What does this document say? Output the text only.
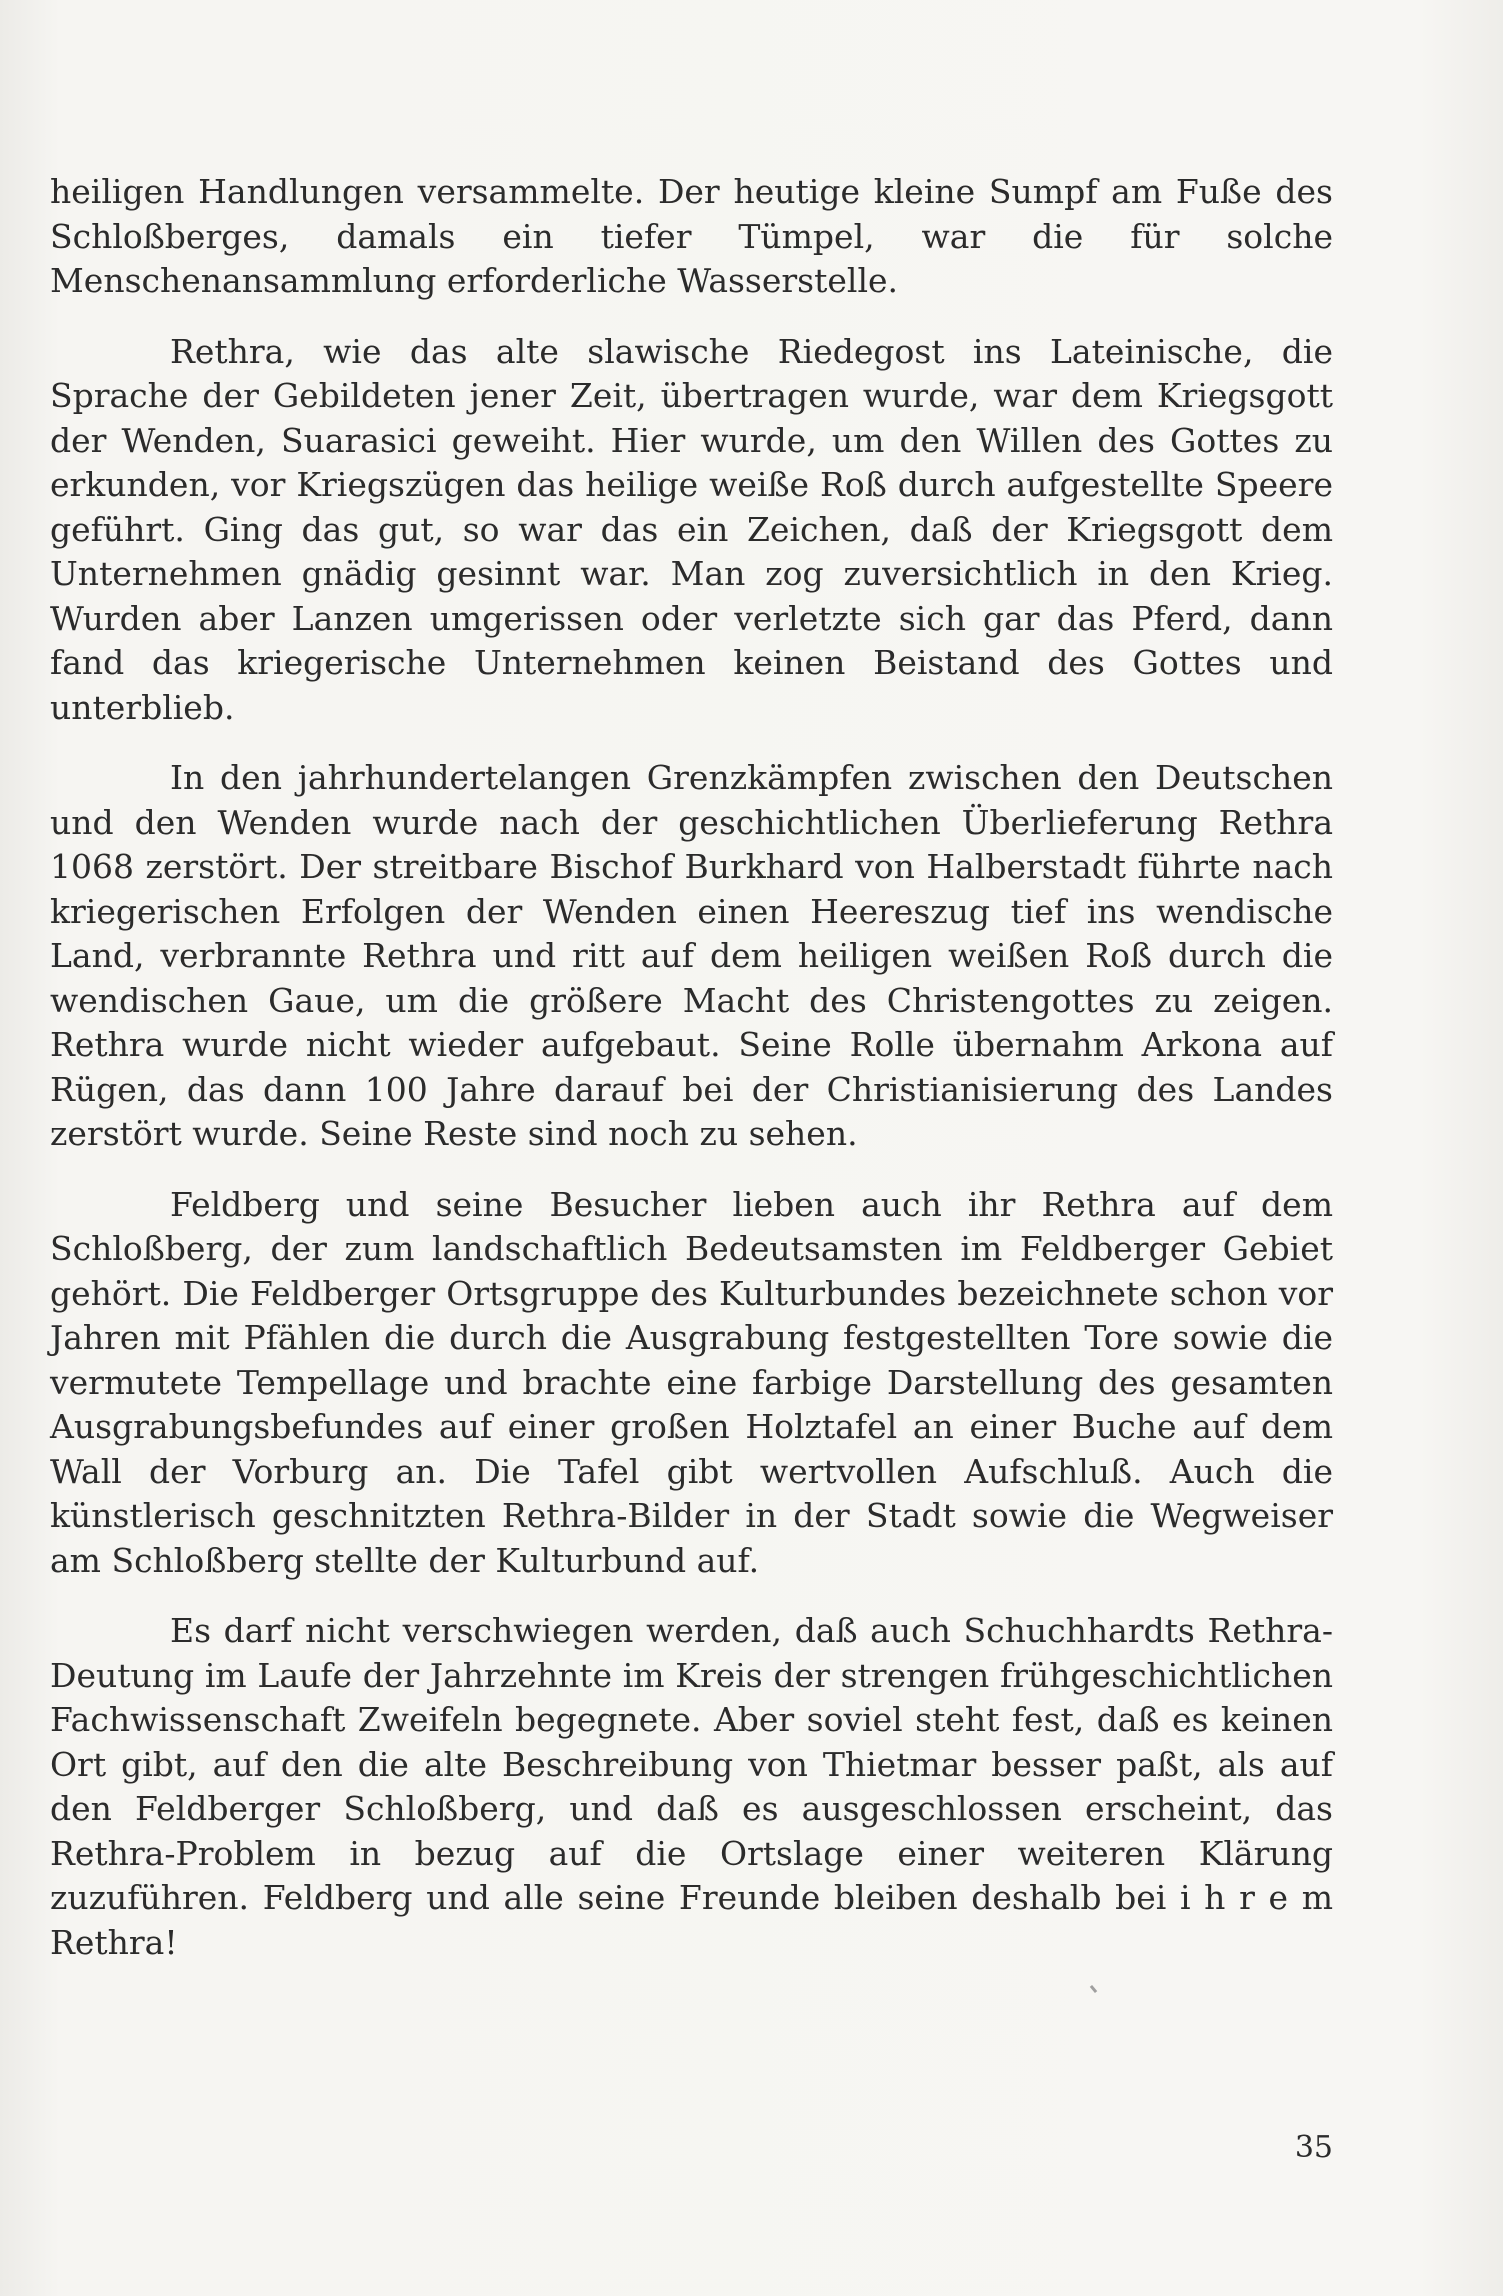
heiligen Handlungen versammelte. Der heutige kleine Sumpf am Fuße des Schloßberges, damals ein tiefer Tümpel, war die für solche Menschenansammlung erforderliche Wasserstelle.

Rethra, wie das alte slawische Riedegost ins Lateinische, die Sprache der Gebildeten jener Zeit, übertragen wurde, war dem Kriegsgott der Wenden, Suarasici geweiht. Hier wurde, um den Willen des Gottes zu erkunden, vor Kriegszügen das heilige weiße Roß durch aufgestellte Speere geführt. Ging das gut, so war das ein Zeichen, daß der Kriegsgott dem Unternehmen gnädig gesinnt war. Man zog zuversichtlich in den Krieg. Wurden aber Lanzen umgerissen oder verletzte sich gar das Pferd, dann fand das kriegerische Unternehmen keinen Beistand des Gottes und unterblieb.

In den jahrhundertelangen Grenzkämpfen zwischen den Deutschen und den Wenden wurde nach der geschichtlichen Überlieferung Rethra 1068 zerstört. Der streitbare Bischof Burkhard von Halberstadt führte nach kriegerischen Erfolgen der Wenden einen Heereszug tief ins wendische Land, verbrannte Rethra und ritt auf dem heiligen weißen Roß durch die wendischen Gaue, um die größere Macht des Christengottes zu zeigen. Rethra wurde nicht wieder aufgebaut. Seine Rolle übernahm Arkona auf Rügen, das dann 100 Jahre darauf bei der Christianisierung des Landes zerstört wurde. Seine Reste sind noch zu sehen.

Feldberg und seine Besucher lieben auch ihr Rethra auf dem Schloßberg, der zum landschaftlich Bedeutsamsten im Feldberger Gebiet gehört. Die Feldberger Ortsgruppe des Kulturbundes bezeichnete schon vor Jahren mit Pfählen die durch die Ausgrabung festgestellten Tore sowie die vermutete Tempellage und brachte eine farbige Darstellung des gesamten Ausgrabungsbefundes auf einer großen Holztafel an einer Buche auf dem Wall der Vorburg an. Die Tafel gibt wertvollen Aufschluß. Auch die künstlerisch geschnitzten Rethra-Bilder in der Stadt sowie die Wegweiser am Schloßberg stellte der Kulturbund auf.

Es darf nicht verschwiegen werden, daß auch Schuchhardts Rethra-Deutung im Laufe der Jahrzehnte im Kreis der strengen frühgeschichtlichen Fachwissenschaft Zweifeln begegnete. Aber soviel steht fest, daß es keinen Ort gibt, auf den die alte Beschreibung von Thietmar besser paßt, als auf den Feldberger Schloßberg, und daß es ausgeschlossen erscheint, das Rethra-Problem in bezug auf die Ortslage einer weiteren Klärung zuzuführen. Feldberg und alle seine Freunde bleiben deshalb bei i h r e m Rethra!

35
